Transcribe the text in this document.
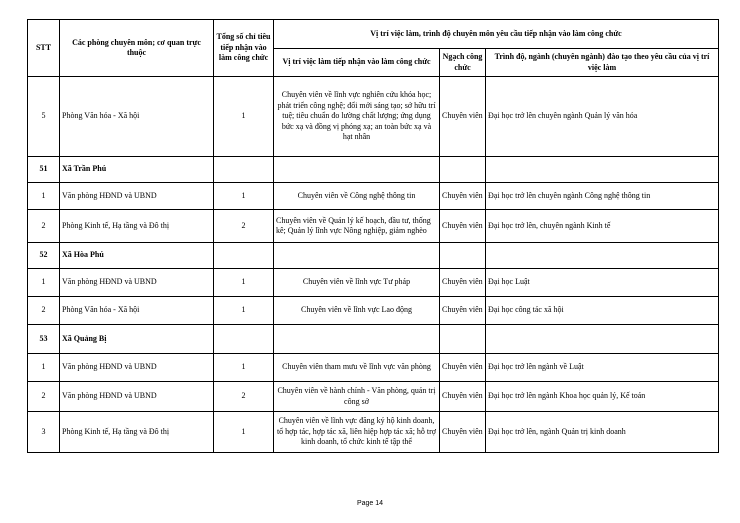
STT	Các phòng chuyên môn; cơ quan trực thuộc	Tổng số chỉ tiêu tiếp nhận vào làm công chức	Vị trí việc làm, trình độ chuyên môn yêu cầu tiếp nhận vào làm công chức		
			Vị trí việc làm tiếp nhận vào làm công chức	Ngạch công chức	Trình độ, ngành (chuyên ngành) đào tạo theo yêu cầu của vị trí việc làm
5	Phòng Văn hóa - Xã hội	1	Chuyên viên về lĩnh vực nghiên cứu khóa học; phát triển công nghệ; đổi mới sáng tạo; sở hữu trí tuệ; tiêu chuẩn đo lường chất lượng; ứng dụng bức xạ và đồng vị phóng xạ; an toàn bức xạ và hạt nhân	Chuyên viên	Đại học trở lên chuyên ngành Quản lý văn hóa
51	Xã Trần Phú				
1	Văn phòng HĐND và UBND	1	Chuyên viên về Công nghệ thông tin	Chuyên viên	Đại học trở lên chuyên ngành Công nghệ thông tin
2	Phòng Kinh tế, Hạ tầng và Đô thị	2	Chuyên viên về Quản lý kế hoạch, đầu tư, thống kê; Quản lý lĩnh vực Nông nghiệp, giảm nghèo	Chuyên viên	Đại học trở lên, chuyên ngành Kinh tế
52	Xã Hòa Phú				
1	Văn phòng HĐND và UBND	1	Chuyên viên về lĩnh vực Tư pháp	Chuyên viên	Đại học Luật
2	Phòng Văn hóa - Xã hội	1	Chuyên viên về lĩnh vực Lao động	Chuyên viên	Đại học công tác xã hội
53	Xã Quảng Bị				
1	Văn phòng HĐND và UBND	1	Chuyên viên tham mưu về lĩnh vực văn phòng	Chuyên viên	Đại học trở lên ngành về Luật
2	Văn phòng HĐND và UBND	2	Chuyên viên về hành chính - Văn phòng, quản trị công sở	Chuyên viên	Đại học trở lên ngành Khoa học quản lý, Kế toán
3	Phòng Kinh tế, Hạ tầng và Đô thị	1	Chuyên viên về lĩnh vực đăng ký hộ kinh doanh, tổ hợp tác, hợp tác xã, liên hiệp hợp tác xã; hỗ trợ kinh doanh, tổ chức kinh tế tập thể	Chuyên viên	Đại học trở lên, ngành Quản trị kinh doanh
Page 14
